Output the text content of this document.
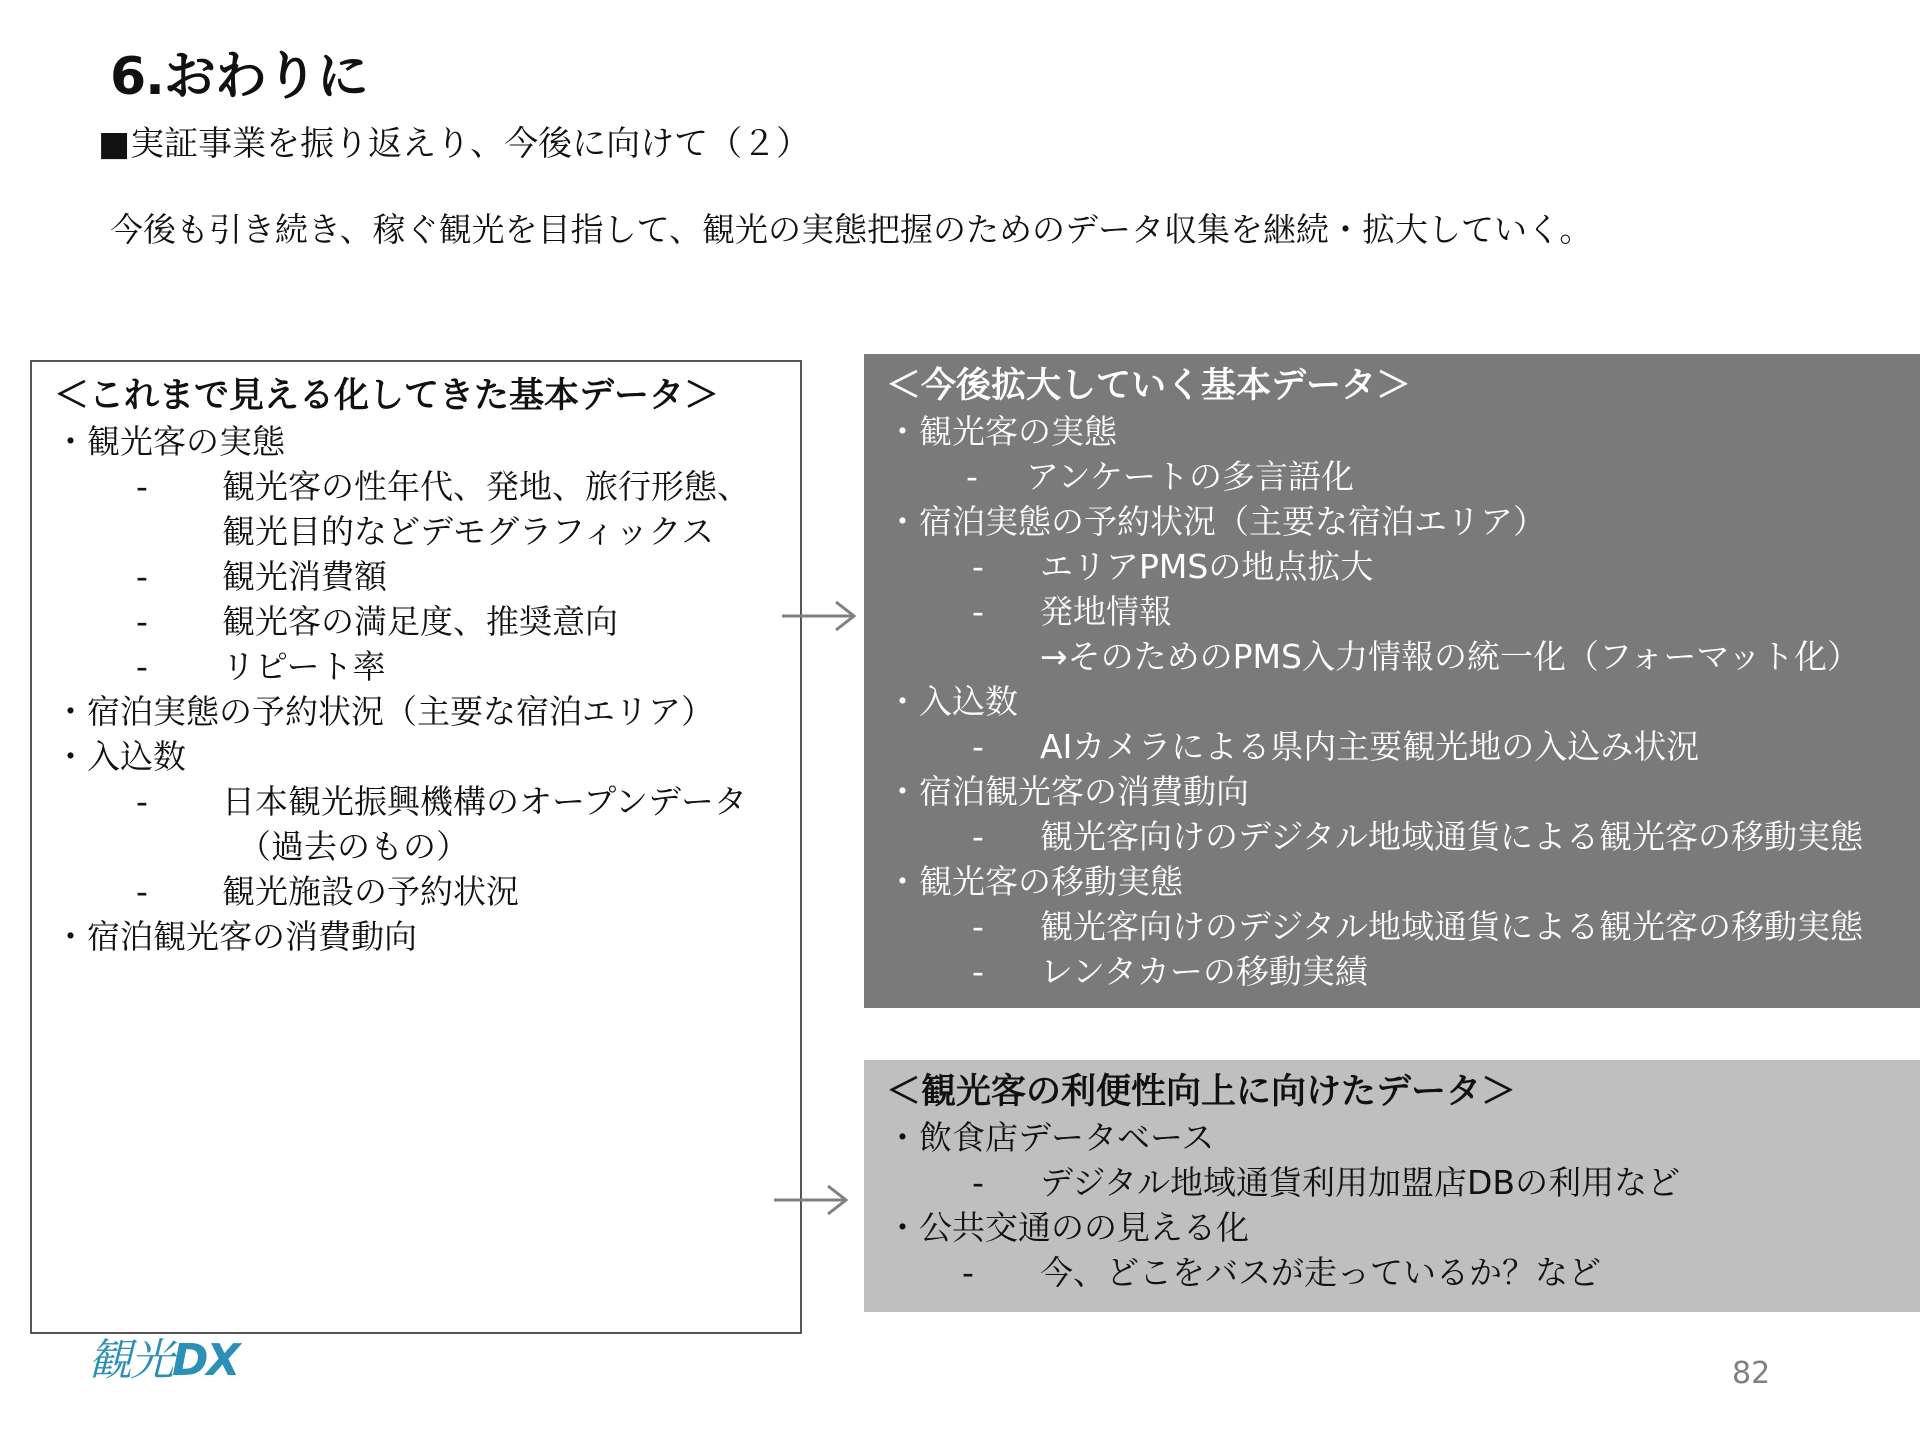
6.おわりに
■実証事業を振り返えり、今後に向けて（２）
今後も引き続き、稼ぐ観光を目指して、観光の実態把握のためのデータ収集を継続・拡大していく。
＜これまで見える化してきた基本データ＞
・観光客の実態
- 観光客の性年代、発地、旅行形態、
観光目的などデモグラフィックス
- 観光消費額
- 観光客の満足度、推奨意向
- リピート率
・宿泊実態の予約状況（主要な宿泊エリア）
・入込数
- 日本観光振興機構のオープンデータ
（過去のもの）
- 観光施設の予約状況
・宿泊観光客の消費動向
＜今後拡大していく基本データ＞
・観光客の実態
- アンケートの多言語化
・宿泊実態の予約状況（主要な宿泊エリア）
- エリアPMSの地点拡大
- 発地情報
→そのためのPMS入力情報の統一化（フォーマット化）
・入込数
- AIカメラによる県内主要観光地の入込み状況
・宿泊観光客の消費動向
- 観光客向けのデジタル地域通貨による観光客の移動実態
・観光客の移動実態
- 観光客向けのデジタル地域通貨による観光客の移動実態
- レンタカーの移動実績
＜観光客の利便性向上に向けたデータ＞
・飲食店データベース
- デジタル地域通貨利用加盟店DBの利用など
・公共交通のの見える化
- 今、どこをバスが走っているか？など
観光DX	82
